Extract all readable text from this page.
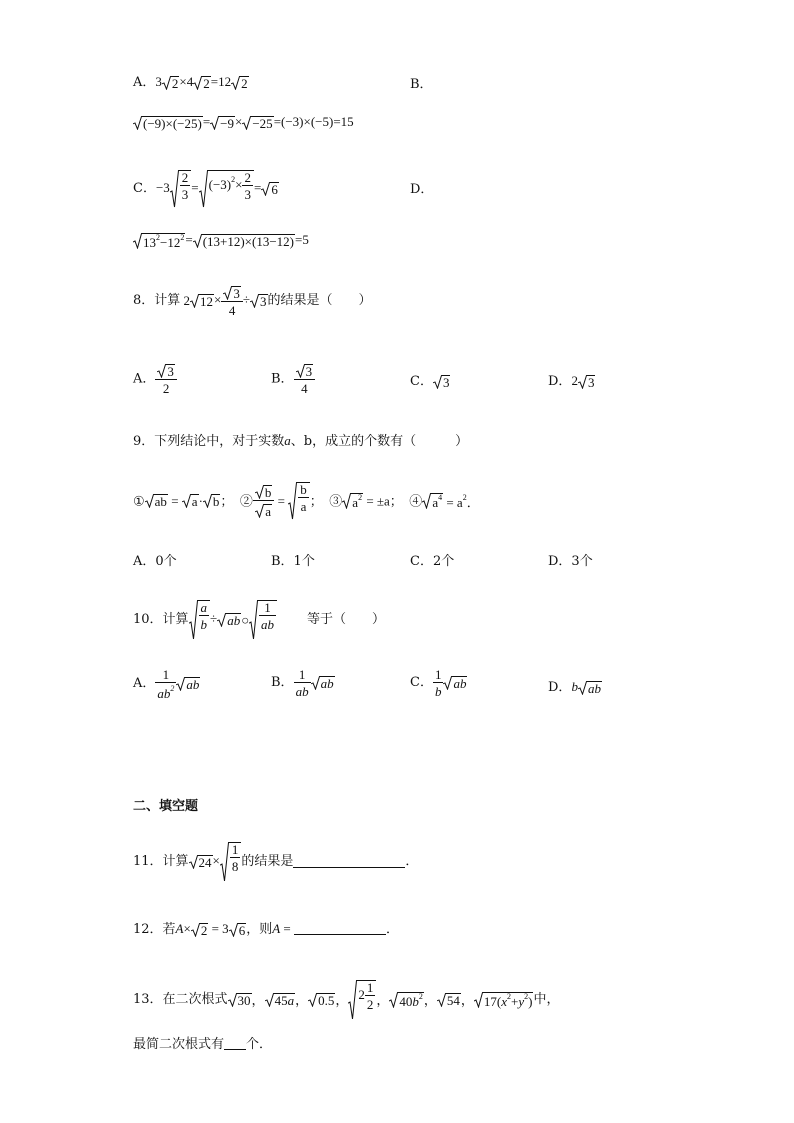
A．3 2×4 2=12 2	B．
(−9)×(−25)= −9× −25=(−3)×(−5)=15
C．$-3 \frac{2}{3} = (-3)^2\times \frac{2}{3} = 6$	D．
$13^2-12^2= (13+12)\times(13-12)=5$
8．计算 2 $12\times \frac{3}{4} \div 3$的结果是（　　）
A． $\frac{3}{2}$	B． $\frac{3}{4}$	C． 3	D．2 3
9．下列结论中，对于实数a、b，成立的个数有（　　　）
① ab =
a· b；　② $\frac{b}{a} = \frac{b}{a}$ ；　③ $a^2 = \pm a$；　④ $a^4 = a^2$．
A．0个	B．1个	C．2个	D．3个
10．计算 $\frac{a}{b}$ ÷ ab○ $\frac{1}{ab}$ 等于（　　）
A． $\frac{1}{ab^2}$ ab	B． $\frac{1}{ab}$ ab	C． $\frac{1}{b}$ ab	D．b ab
二、填空题
11．计算 $24\times \frac{1}{8}$ 的结果是	．
12．若A× 2 = 3 6，则A =	．
13．在二次根式 30， 45a， 0.5， $2 \frac{1}{2}$ ， $40b^2$， 54， $17(x^2+y^2)$中，
最简二次根式有 个．
